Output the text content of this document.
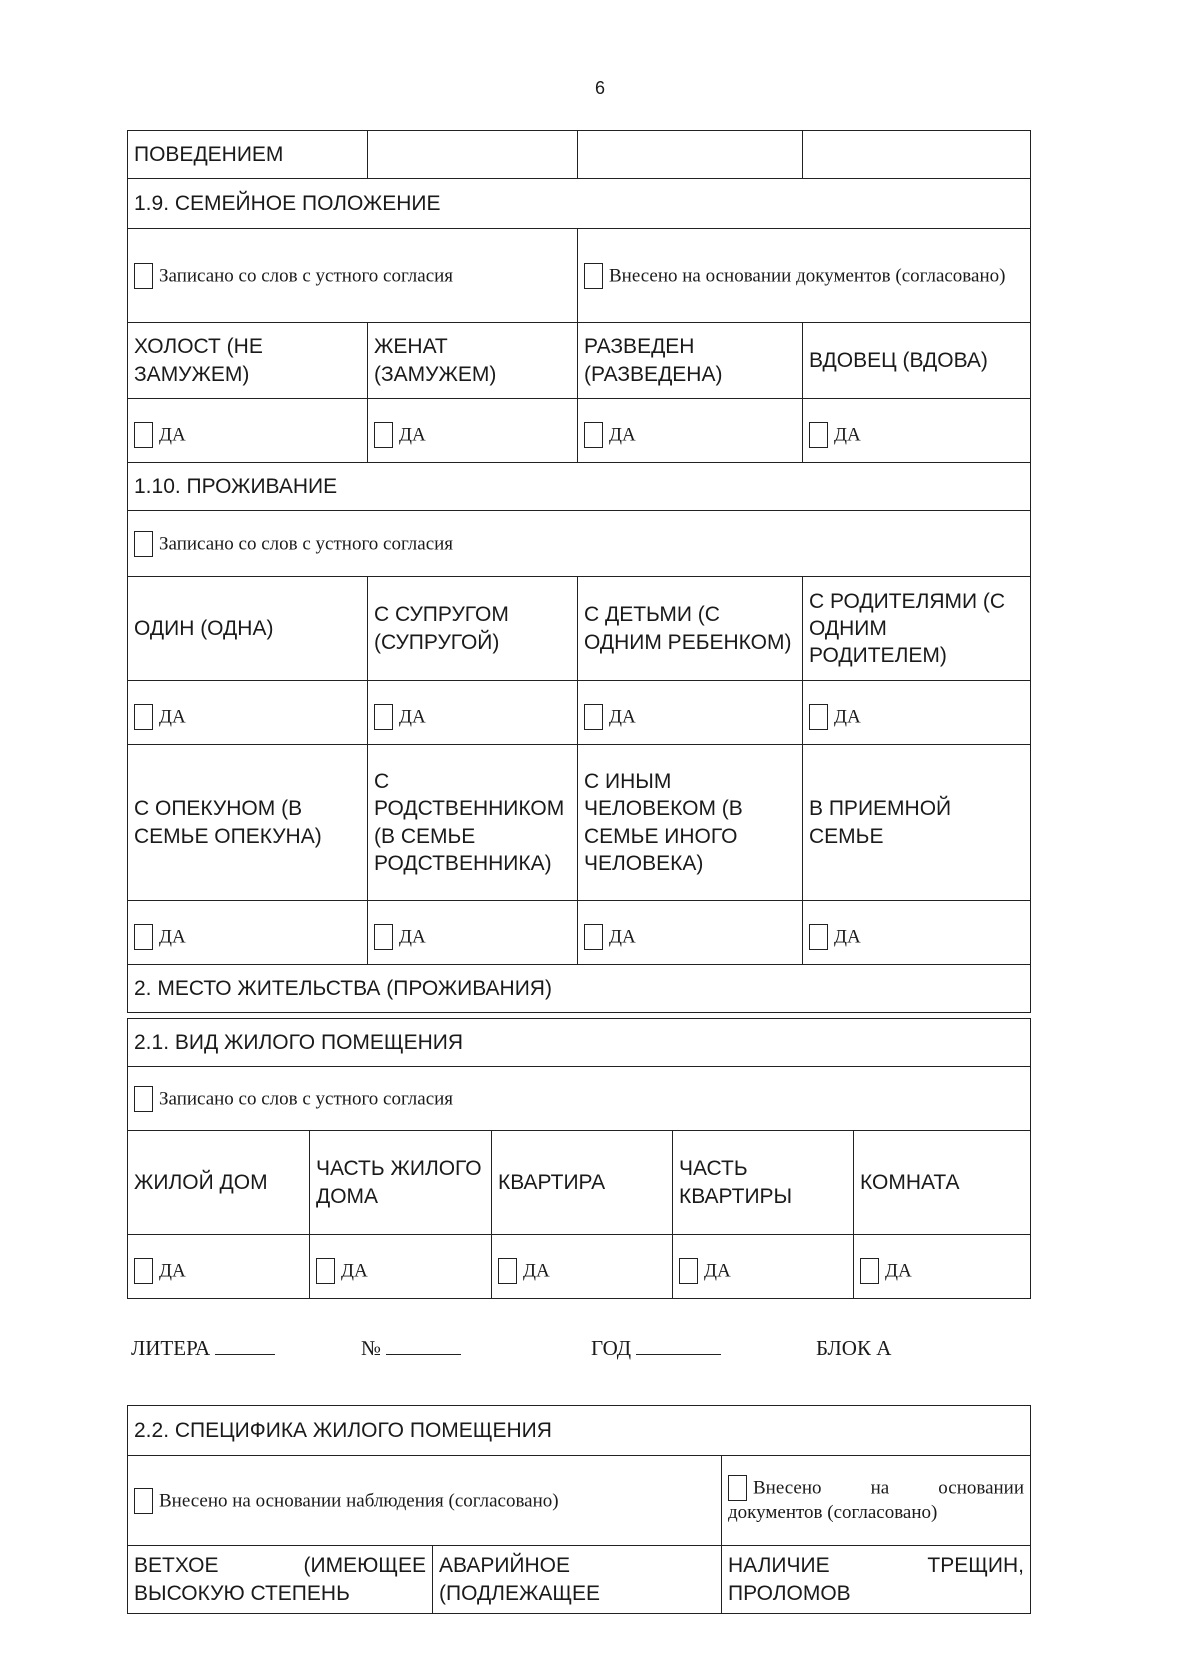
6
ПОВЕДЕНИЕМ			
1.9. СЕМЕЙНОЕ ПОЛОЖЕНИЕ			
Записано со слов с устного согласия		Внесено на основании документов (согласовано)	
ХОЛОСТ (НЕ ЗАМУЖЕМ)	ЖЕНАТ (ЗАМУЖЕМ)	РАЗВЕДЕН (РАЗВЕДЕНА)	ВДОВЕЦ (ВДОВА)
ДА	ДА	ДА	ДА
1.10. ПРОЖИВАНИЕ			
Записано со слов с устного согласия			
ОДИН (ОДНА)	С СУПРУГОМ (СУПРУГОЙ)	С ДЕТЬМИ (С ОДНИМ РЕБЕНКОМ)	С РОДИТЕЛЯМИ (С ОДНИМ РОДИТЕЛЕМ)
ДА	ДА	ДА	ДА
С ОПЕКУНОМ (В СЕМЬЕ ОПЕКУНА)	С РОДСТВЕННИКОМ (В СЕМЬЕ РОДСТВЕННИКА)	С ИНЫМ ЧЕЛОВЕКОМ (В СЕМЬЕ ИНОГО ЧЕЛОВЕКА)	В ПРИЕМНОЙ СЕМЬЕ
ДА	ДА	ДА	ДА
2. МЕСТО ЖИТЕЛЬСТВА (ПРОЖИВАНИЯ)			
2.1. ВИД ЖИЛОГО ПОМЕЩЕНИЯ				
Записано со слов с устного согласия				
ЖИЛОЙ ДОМ	ЧАСТЬ ЖИЛОГО ДОМА	КВАРТИРА	ЧАСТЬ КВАРТИРЫ	КОМНАТА
ДА	ДА	ДА	ДА	ДА
ЛИТЕРА	№	ГОД	БЛОК А
2.2. СПЕЦИФИКА ЖИЛОГО ПОМЕЩЕНИЯ		

Внесено на основании наблюдения (согласовано)		Внесено на основании документов (согласовано)
ВЕТХОЕ (ИМЕЮЩЕЕ ВЫСОКУЮ СТЕПЕНЬ	АВАРИЙНОЕ (ПОДЛЕЖАЩЕЕ	НАЛИЧИЕ ТРЕЩИН, ПРОЛОМОВ
